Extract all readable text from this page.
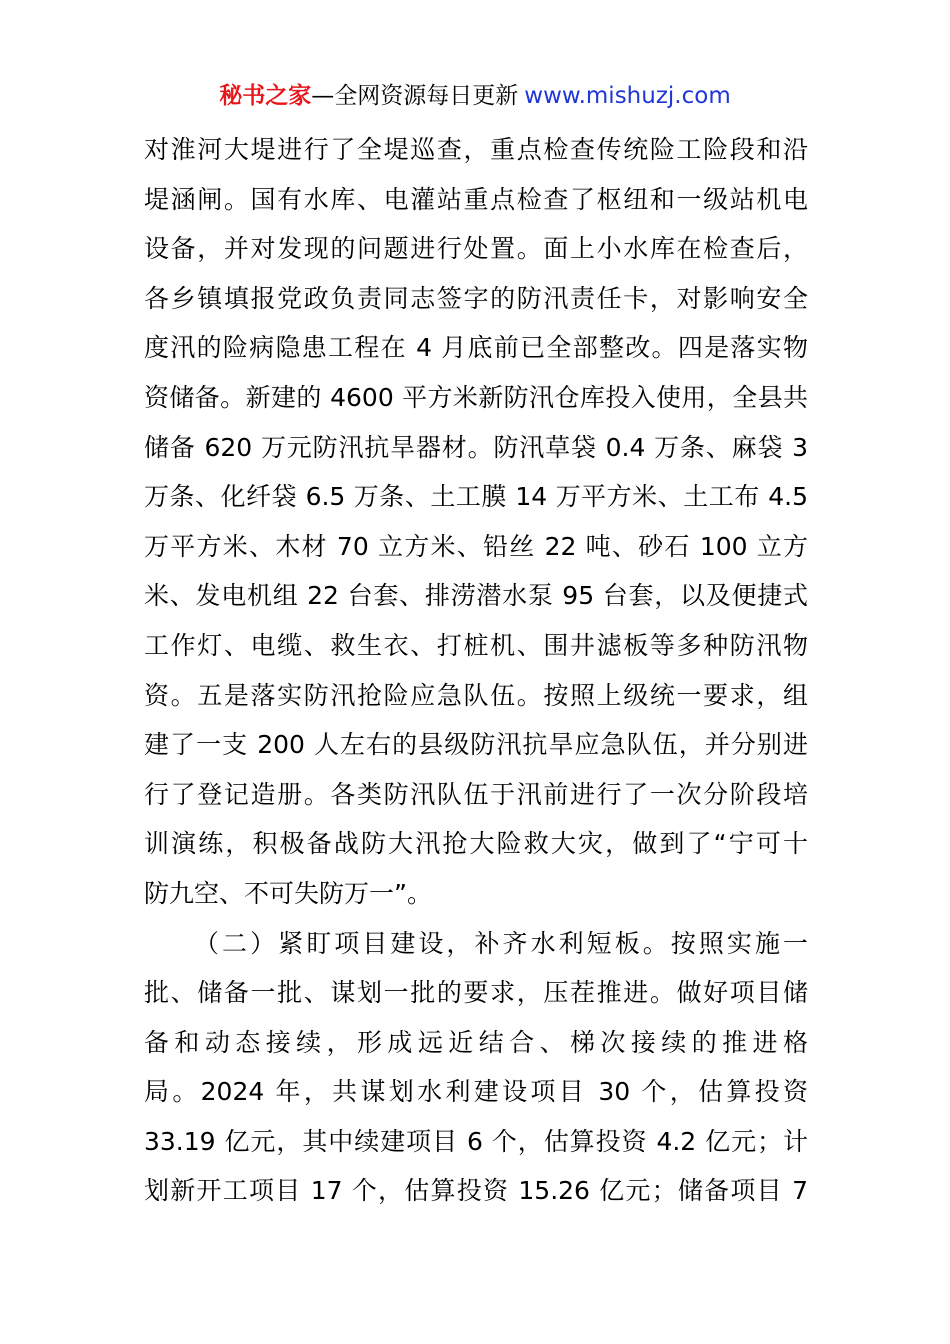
秘书之家—全网资源每日更新 www.mishuzj.com
对淮河大堤进行了全堤巡查，重点检查传统险工险段和沿
堤涵闸。国有水库、电灌站重点检查了枢纽和一级站机电
设备，并对发现的问题进行处置。面上小水库在检查后，
各乡镇填报党政负责同志签字的防汛责任卡，对影响安全
度汛的险病隐患工程在 4 月底前已全部整改。四是落实物
资储备。新建的 4600 平方米新防汛仓库投入使用，全县共
储备 620 万元防汛抗旱器材。防汛草袋 0.4 万条、麻袋 3
万条、化纤袋 6.5 万条、土工膜 14 万平方米、土工布 4.5
万平方米、木材 70 立方米、铅丝 22 吨、砂石 100 立方
米、发电机组 22 台套、排涝潜水泵 95 台套，以及便捷式
工作灯、电缆、救生衣、打桩机、围井滤板等多种防汛物
资。五是落实防汛抢险应急队伍。按照上级统一要求，组
建了一支 200 人左右的县级防汛抗旱应急队伍，并分别进
行了登记造册。各类防汛队伍于汛前进行了一次分阶段培
训演练，积极备战防大汛抢大险救大灾，做到了“宁可十
防九空、不可失防万一”。
（二）紧盯项目建设，补齐水利短板。按照实施一
批、储备一批、谋划一批的要求，压茬推进。做好项目储
备和动态接续，形成远近结合、梯次接续的推进格
局。2024 年，共谋划水利建设项目 30 个，估算投资
33.19 亿元，其中续建项目 6 个，估算投资 4.2 亿元；计
划新开工项目 17 个，估算投资 15.26 亿元；储备项目 7
